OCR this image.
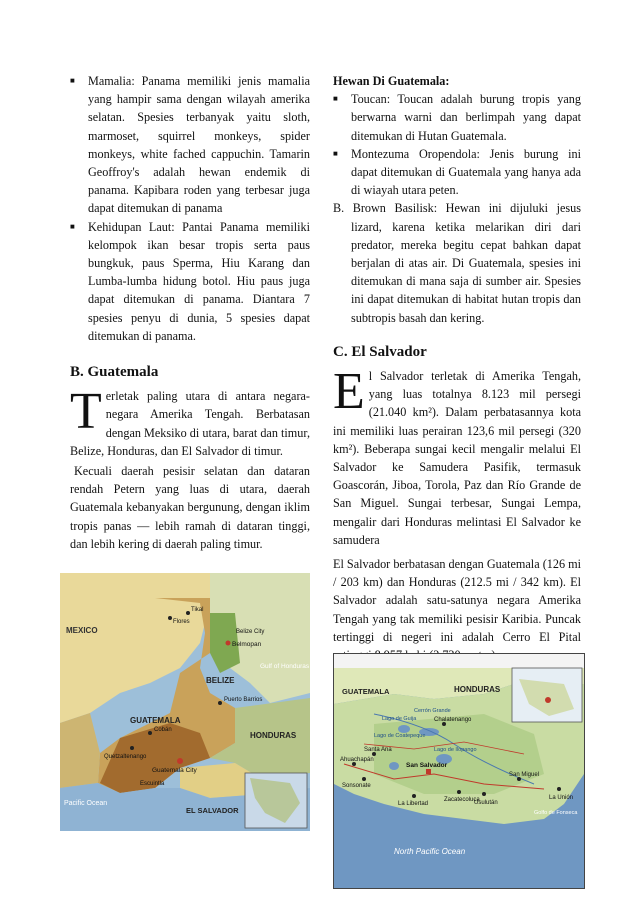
■ Mamalia: Panama memiliki jenis mamalia yang hampir sama dengan wilayah amerika selatan. Spesies terbanyak yaitu sloth, marmoset, squirrel monkeys, spider monkeys, white fached cappuchin. Tamarin Geoffroy's adalah hewan endemik di panama. Kapibara roden yang terbesar juga dapat ditemukan di panama
■ Kehidupan Laut: Pantai Panama memiliki kelompok ikan besar tropis serta paus bungkuk, paus Sperma, Hiu Karang dan Lumba-lumba hidung botol. Hiu paus juga dapat ditemukan di panama. Diantara 7 spesies penyu di dunia, 5 spesies dapat ditemukan di panama.
B. Guatemala
T erletak paling utara di antara negara-negara Amerika Tengah. Berbatasan dengan Meksiko di utara, barat dan timur, Belize, Honduras, dan El Salvador di timur.

Kecuali daerah pesisir selatan dan dataran rendah Petern yang luas di utara, daerah Guatemala kebanyakan bergunung, dengan iklim tropis panas — lebih ramah di dataran tinggi, dan lebih kering di daerah paling timur.

MEXICO
BELIZE
GUATEMALA
HONDURAS
EL SALVADOR
Belmopan
Guatemala City
Gulf of Honduras
Pacific Ocean
Flores
Tikal
Puerto Barrios
Cobán
Quetzaltenango
Escuintla
Belize City
Hewan Di Guatemala:
■ Toucan: Toucan adalah burung tropis yang berwarna warni dan berlimpah yang dapat ditemukan di Hutan Guatemala.
■ Montezuma Oropendola: Jenis burung ini dapat ditemukan di Guatemala yang hanya ada di wiayah utara peten.

B. Brown Basilisk: Hewan ini dijuluki jesus lizard, karena ketika melarikan diri dari predator, mereka begitu cepat bahkan dapat berjalan di atas air. Di Guatemala, spesies ini ditemukan di mana saja di sumber air. Spesies ini dapat ditemukan di habitat hutan tropis dan subtropis basah dan kering.

C. El Salvador
E l Salvador terletak di Amerika Tengah, yang luas totalnya 8.123 mil persegi (21.040 km²). Dalam perbatasannya kota ini memiliki luas perairan 123,6 mil persegi (320 km²). Beberapa sungai kecil mengalir melalui El Salvador ke Samudera Pasifik, termasuk Goascorán, Jiboa, Torola, Paz dan Río Grande de San Miguel. Sungai terbesar, Sungai Lempa, mengalir dari Honduras melintasi El Salvador ke samudera

El Salvador berbatasan dengan Guatemala (126 mi / 203 km) dan Honduras (212.5 mi / 342 km). El Salvador adalah satu-satunya negara Amerika Tengah yang tak memiliki pesisir Karibia. Puncak tertinggi di negeri ini adalah Cerro El Pital

GUATEMALA	HONDURAS
San Salvador
North Pacific Ocean
Santa Ana
San Miguel
Lago de Ilopango
Lago de Coatepeque
Lago de Guija
La Unión
Usulután
Zacatecoluca
Sonsonate
Ahuachapán
Chalatenango
La Libertad
Golfo de Fonseca
Cerrón Grande
